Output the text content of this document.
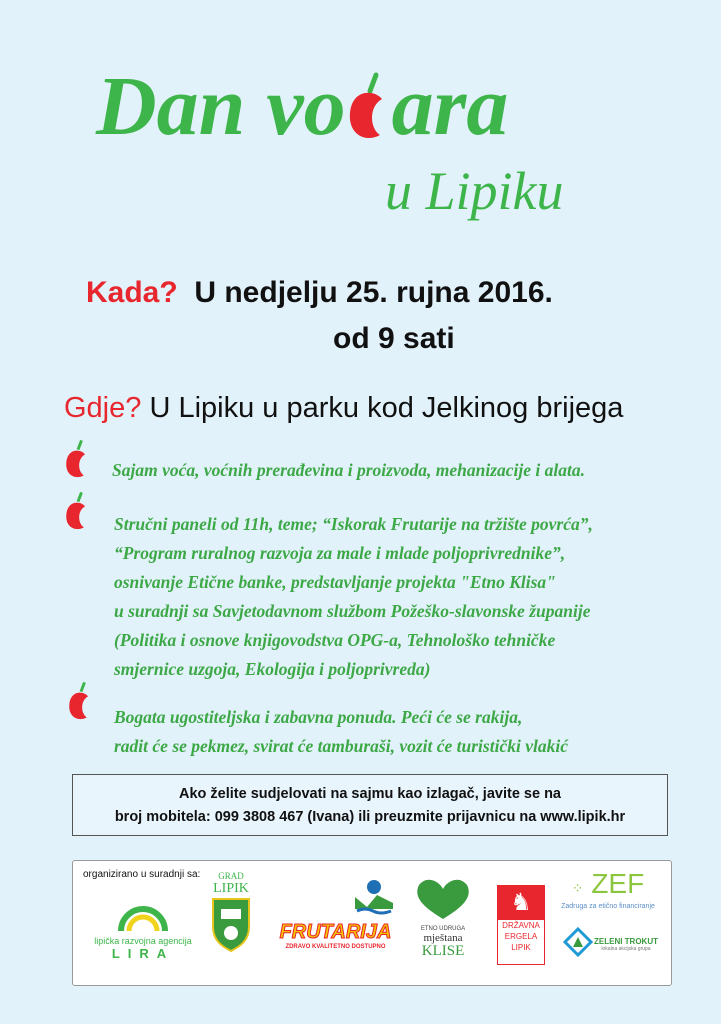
Dan vo ara
u Lipiku
Kada? U nedjelju 25. rujna 2016.
od 9 sati
Gdje? U Lipiku u parku kod Jelkinog brijega
Sajam voća, voćnih prerađevina i proizvoda, mehanizacije i alata.
Stručni paneli od 11h, teme; “Iskorak Frutarije na tržište povrća”,
“Program ruralnog razvoja za male i mlade poljoprivrednike”,
osnivanje Etične banke, predstavljanje projekta "Etno Klisa"
u suradnji sa Savjetodavnom službom Požeško-slavonske županije
(Politika i osnove knjigovodstva OPG-a, Tehnološko tehničke
smjernice uzgoja, Ekologija i poljoprivreda)
Bogata ugostiteljska i zabavna ponuda. Peći će se rakija,
radit će se pekmez, svirat će tamburaši, vozit će turistički vlakić
Ako želite sudjelovati na sajmu kao izlagač, javite se na
broj mobitela: 099 3808 467 (Ivana) ili preuzmite prijavnicu na www.lipik.hr
organizirano u suradnji sa:
lipička razvojna agencija
LIRA
GRAD
LIPIK
FRUTARIJA
ZDRAVO KVALITETNO DOSTUPNO
ETNO UDRUGA
mještana
KLISE
♞
DRŽAVNA
ERGELA
LIPIK
⁘ ZEF
Zadruga za etično financiranje
ZELENI TROKUT
lokalna akcijska grupa
